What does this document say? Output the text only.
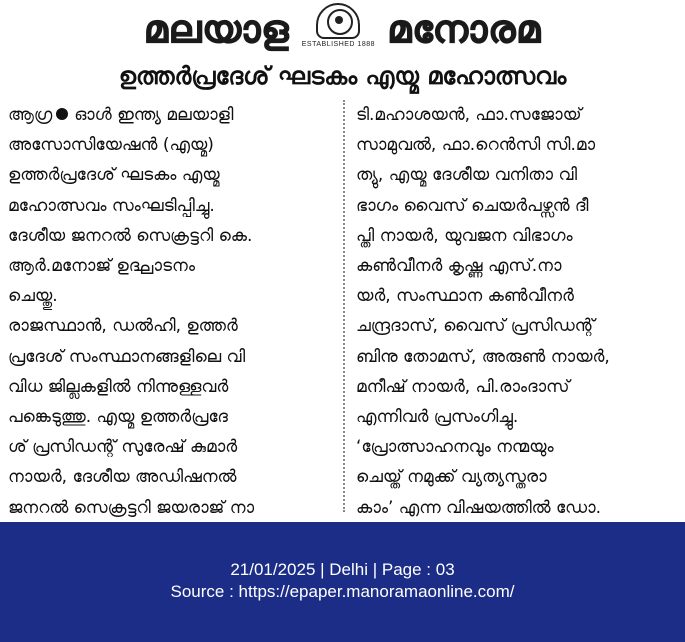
മലയാള ESTABLISHED 1888 മനോരമ
ഉത്തർപ്രദേശ് ഘടകം എയ്മ മഹോത്സവം

ആഗ്ര ഓൾ ഇന്ത്യ മലയാളി
അസോസിയേഷൻ (എയ്മ)
ഉത്തർപ്രദേശ് ഘടകം എയ്മ
മഹോത്സവം സംഘടിപ്പിച്ചു.
ദേശീയ ജനറൽ സെക്രട്ടറി കെ.
ആർ.മനോജ് ഉദ്ഘാടനം
ചെയ്തു.

രാജസ്ഥാൻ, ഡൽഹി, ഉത്തർ
പ്രദേശ് സംസ്ഥാനങ്ങളിലെ വി
വിധ ജില്ലകളിൽ നിന്നുള്ളവർ
പങ്കെടുത്തു. എയ്മ ഉത്തർപ്രദേ
ശ് പ്രസിഡന്റ് സുരേഷ് കുമാർ
നായർ, ദേശീയ അഡിഷനൽ
ജനറൽ സെക്രട്ടറി ജയരാജ് നാ

ടി.മഹാശയൻ, ഫാ.സജോയ്
സാമുവൽ, ഫാ.റെൻസി സി.മാ
ത്യു, എയ്മ ദേശീയ വനിതാ വി
ഭാഗം വൈസ് ചെയർപഴ്സൻ ദീ
പ്തി നായർ, യുവജന വിഭാഗം
കൺവീനർ കൃഷ്ണ എസ്.നാ
യർ, സംസ്ഥാന കൺവീനർ
ചന്ദ്രദാസ്, വൈസ് പ്രസിഡന്റ്
ബിനു തോമസ്, അരുൺ നായർ,
മനീഷ് നായർ, പി.രാംദാസ്
എന്നിവർ പ്രസംഗിച്ചു.

‘പ്രോത്സാഹനവും നന്മയും
ചെയ്ത് നമുക്ക് വ്യത്യസ്തരാ
കാം’ എന്ന വിഷയത്തിൽ ഡോ.

21/01/2025 | Delhi | Page : 03
Source : https://epaper.manoramaonline.com/
